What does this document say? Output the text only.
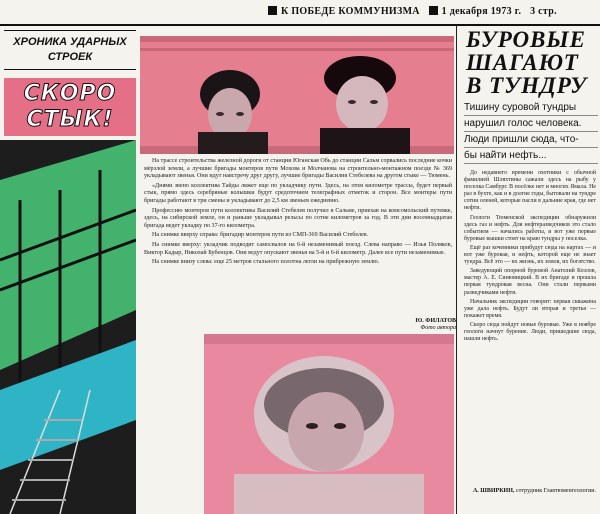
К ПОБЕДЕ КОММУНИЗМА 1 декабря 1973 г. 3 стр.
ХРОНИКА УДАРНЫХ
СТРОЕК
СКОРО
СТЫК!

На трассе строительства железной дороги от станции Юганская Обь до станции Сальм сорвались последние кочки мёрзлой земли, а лучшие бригады монтеров пути Мохова и Молчанова на строительно-монтажном поезде № 369 укладывают звенья. Они идут навстречу друг другу, лучшие бригады Василия Стебелева на другом стыке — Тюмень.

«Днями звено коллектива Тайды ляжет еще по укладчику пути. Здесь, на этом километре трассы, будет первый стык, прямо здесь серебряные колышки будут средоточием телеграфных отметок и сторон. Все монтеры пути бригады работают в три смены и укладывают до 2,5 км звеньев ежедневно.

Профессию монтеров пути коллективы Василий Стебелев получил в Сальме, приехав на комсомольский путевке, здесь, на сибирской земле, он и раньше укладывал рельсы по сотне километров за год. В эти дни восемнадцатая бригада ведет укладку по 37-го километра.

На снимке вверху справа: бригадир монтеров пути из СМП-369 Василий Стебелев.

На снимке вверху: укладчик подводит самосвалов на 6-й незаменимый поезд. Слева направо — Илья Поляков, Виктор Кадыр, Николай Бубенцов. Они ведут опускают звенья на 5-й и 6-й километр. Далее все пути незаменимые.

На снимке внизу слева: еще 25 метров стального полотна легли на прибрежную землю.

Ю. ФИЛАТОВ
Фото автора
БУРОВЫЕ
ШАГАЮТ
В ТУНДРУ
Тишину суровой тундры
нарушил голос человека.
Люди пришли сюда, что-
бы найти нефть...

До недавнего времени охотники с обычной фамилией Шляхтины сажали здесь на рыбу у поселка Самбург. В посёлке нет и многих Ямала. Не раз в бухте, как и в долгие годы, бытовали на тундре сотни оленей, которые пасли в дальние края, где нет нефти.

Геологи Тюменской экспедиции обнаружили здесь газ и нефть. Для нефтеразведчиков это стало событием — начались работы, и вот уже первые буровые вышки стоят на краю тундры у поселка.

Ещё раз кочевники прибудут сюда на нартах — и вот уже буровая, и нефть, которой еще не знает тундра. Всё это — их жизнь, их земля, их богатство.

Заведующий опорной буровой Анатолий Козлов, мастер А. Е. Синювицкий. В их бригаде и прошла первая тундровая весна. Они стали первыми разведчиками нефти.

Начальник экспедиции говорит: первая скважина уже дала нефть. Будут ли вторая и третья — покажет время.

Скоро сюда пойдут новые буровые. Уже в ноябре геологи начнут бурение. Люди, пришедшие сюда, нашли нефть.

А. ШВИРКИН, сотрудник Главтюменгеологии.
